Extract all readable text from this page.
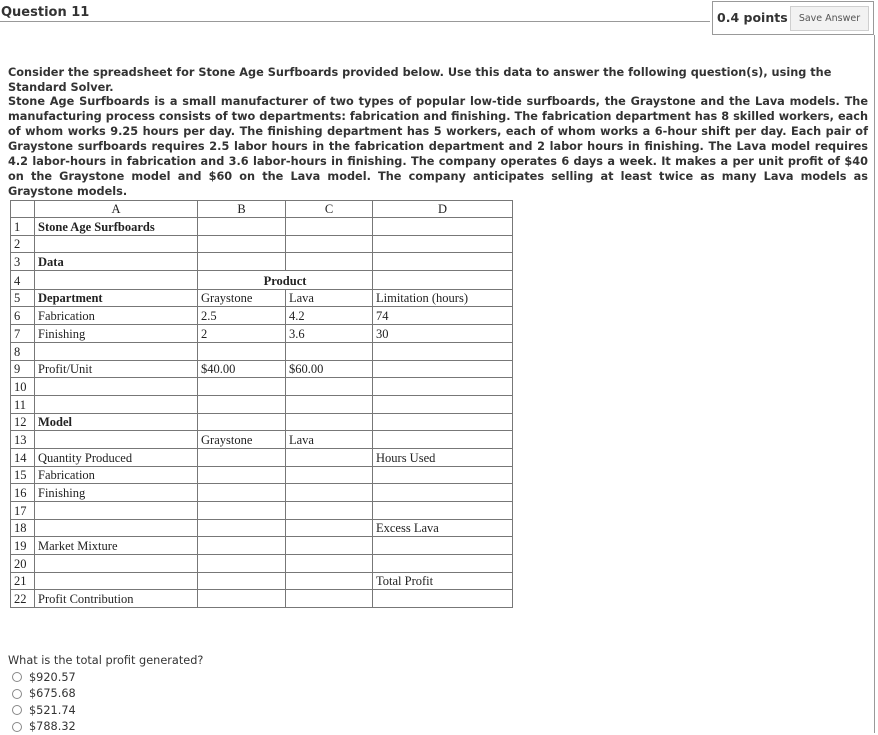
Question 11	0.4 points	Save Answer
Consider the spreadsheet for Stone Age Surfboards provided below. Use this data to answer the following question(s), using the Standard Solver.
Stone Age Surfboards is a small manufacturer of two types of popular low-tide surfboards, the Graystone and the Lava models. The manufacturing process consists of two departments: fabrication and finishing. The fabrication department has 8 skilled workers, each of whom works 9.25 hours per day. The finishing department has 5 workers, each of whom works a 6-hour shift per day. Each pair of Graystone surfboards requires 2.5 labor hours in the fabrication department and 2 labor hours in finishing. The Lava model requires 4.2 labor-hours in fabrication and 3.6 labor-hours in finishing. The company operates 6 days a week. It makes a per unit profit of $40 on the Graystone model and $60 on the Lava model. The company anticipates selling at least twice as many Lava models as Graystone models.
	A	B	C	D
1	Stone Age Surfboards			
2				
3	Data			
4		Product		
5	Department	Graystone	Lava	Limitation (hours)
6	Fabrication	2.5	4.2	74
7	Finishing	2	3.6	30
8				
9	Profit/Unit	$40.00	$60.00	
10				
11				
12	Model			
13		Graystone	Lava	
14	Quantity Produced			Hours Used
15	Fabrication			
16	Finishing			
17				
18				Excess Lava
19	Market Mixture			
20				
21				Total Profit
22	Profit Contribution			
What is the total profit generated?
$920.57
$675.68
$521.74
$788.32
